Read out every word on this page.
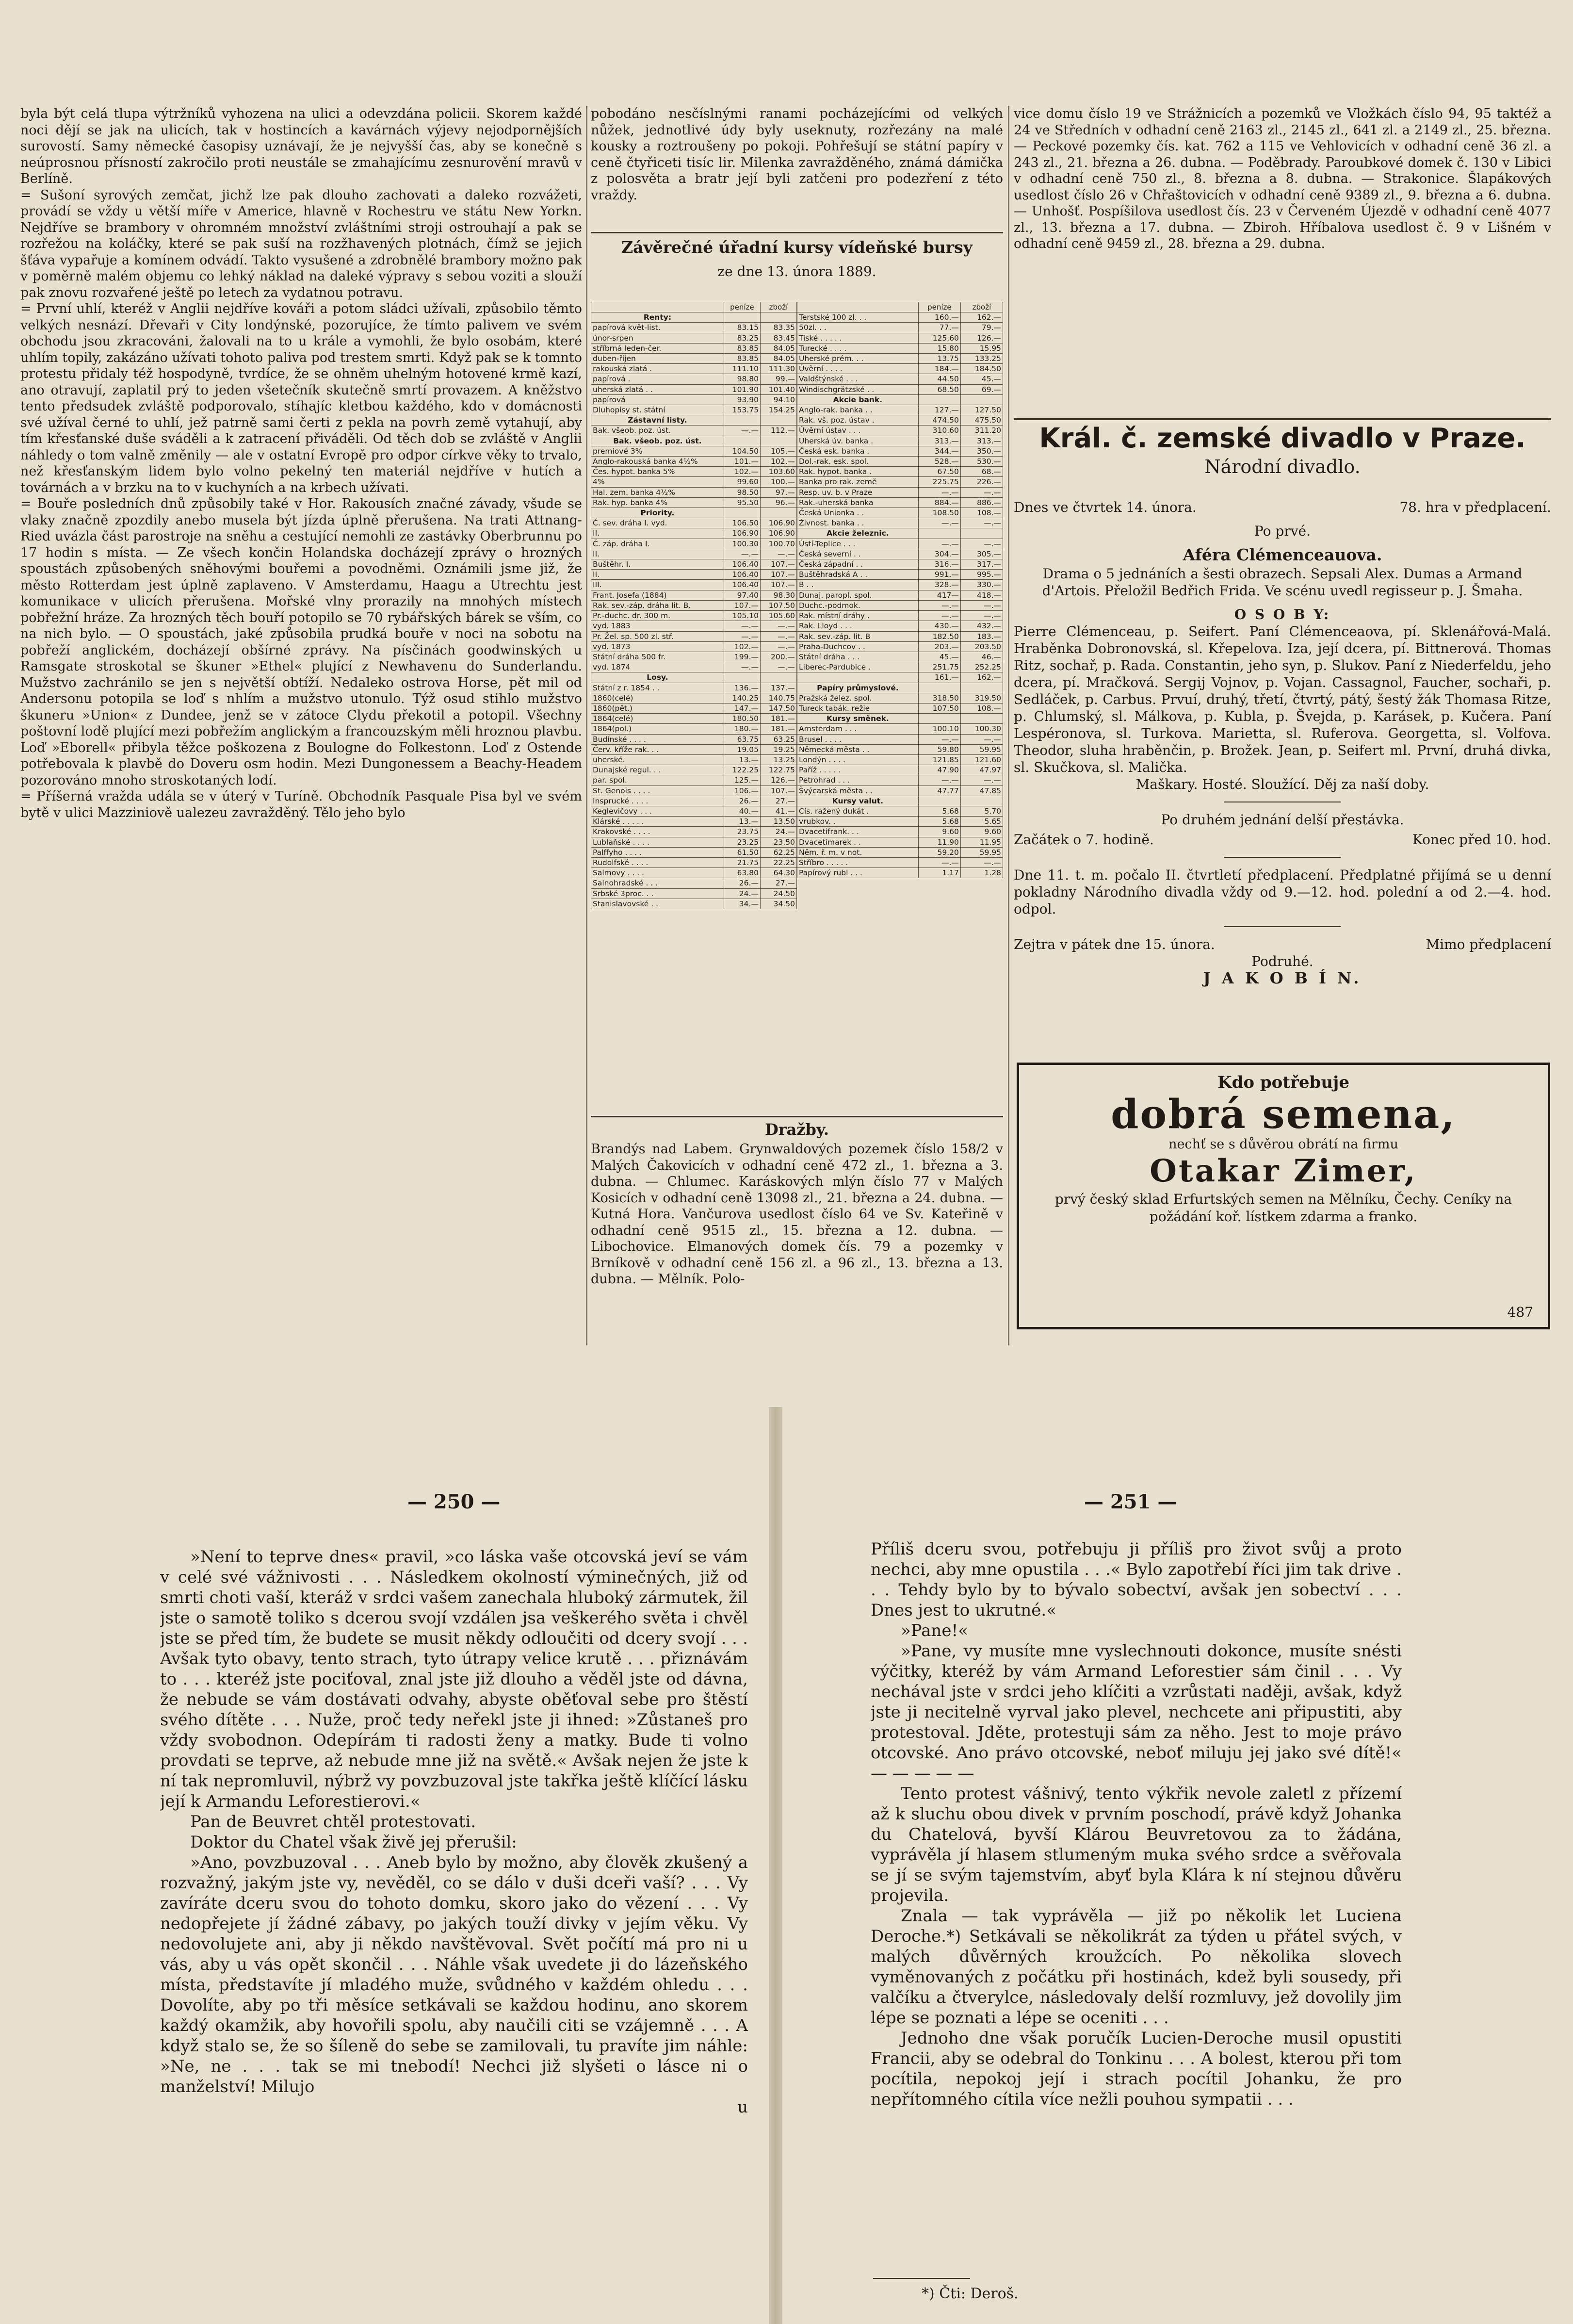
byla být celá tlupa výtržníků vyhozena na ulici a odevzdána policii. Skorem každé noci dějí se jak na ulicích, tak v hostincích a kavárnách výjevy nejodpornějších surovostí. Samy německé časopisy uznávají, že je nejvyšší čas, aby se konečně s neúprosnou přísností zakročilo proti neustále se zmahajícímu zesnurovění mravů v Berlíně.

= Sušoní syrových zemčat, jichž lze pak dlouho zachovati a daleko rozvážeti, provádí se vždy u větší míře v Americe, hlavně v Rochestru ve státu New Yorkn. Nejdříve se brambory v ohromném množství zvláštními stroji ostrouhají a pak se rozřežou na koláčky, které se pak suší na rozžhavených plotnách, čímž se jejich šťáva vypařuje a komínem odvádí. Takto vysušené a zdrobnělé brambory možno pak v poměrně malém objemu co lehký náklad na daleké výpravy s sebou voziti a slouží pak znovu rozvařené ještě po letech za vydatnou potravu.

= První uhlí, kteréž v Anglii nejdříve kováři a potom sládci užívali, způsobilo těmto velkých nesnází. Dřevaři v City londýnské, pozorujíce, že tímto palivem ve svém obchodu jsou zkracováni, žalovali na to u krále a vymohli, že bylo osobám, které uhlím topily, zakázáno užívati tohoto paliva pod trestem smrti. Když pak se k tomnto protestu přidaly též hospodyně, tvrdíce, že se ohněm uhelným hotovené krmě kazí, ano otravují, zaplatil prý to jeden všetečník skutečně smrtí provazem. A kněžstvo tento předsudek zvláště podporovalo, stíhajíc kletbou každého, kdo v domácnosti své užíval černé to uhlí, jež patrně sami čerti z pekla na povrh země vytahují, aby tím křesťanské duše sváděli a k zatracení přiváděli. Od těch dob se zvláště v Anglii náhledy o tom valně změnily — ale v ostatní Evropě pro odpor církve věky to trvalo, než křesťanským lidem bylo volno pekelný ten materiál nejdříve v hutích a továrnách a v brzku na to v kuchyních a na krbech užívati.

= Bouře posledních dnů způsobily také v Hor. Rakousích značné závady, všude se vlaky značně zpozdily anebo musela být jízda úplně přerušena. Na trati Attnang-Ried uvázla část parostroje na sněhu a cestující nemohli ze zastávky Oberbrunnu po 17 hodin s místa. — Ze všech končin Holandska docházejí zprávy o hrozných spoustách způsobených sněhovými bouřemi a povodněmi. Oznámili jsme již, že město Rotterdam jest úplně zaplaveno. V Amsterdamu, Haagu a Utrechtu jest komunikace v ulicích přerušena. Mořské vlny prorazily na mnohých místech pobřežní hráze. Za hrozných těch bouří potopilo se 70 rybářských bárek se vším, co na nich bylo. — O spoustách, jaké způsobila prudká bouře v noci na sobotu na pobřeží anglickém, docházejí obšírné zprávy. Na písčinách goodwinských u Ramsgate stroskotal se škuner »Ethel« plující z Newhavenu do Sunderlandu. Mužstvo zachránilo se jen s největší obtíží. Nedaleko ostrova Horse, pět mil od Andersonu potopila se loď s nhlím a mužstvo utonulo. Týž osud stihlo mužstvo škuneru »Union« z Dundee, jenž se v zátoce Clydu překotil a potopil. Všechny poštovní lodě plující mezi pobřežím anglickým a francouzským měli hroznou plavbu. Loď »Eborell« přibyla těžce poškozena z Boulogne do Folkestonn. Loď z Ostende potřebovala k plavbě do Doveru osm hodin. Mezi Dungonessem a Beachy-Headem pozorováno mnoho stroskotaných lodí.

= Příšerná vražda udála se v úterý v Turíně. Obchodník Pasquale Pisa byl ve svém bytě v ulici Mazziniově ualezeu zavražděný. Tělo jeho bylo

pobodáno nesčíslnými ranami pocházejícími od velkých nůžek, jednotlivé údy byly useknuty, rozřezány na malé kousky a roztroušeny po pokoji. Pohřešují se státní papíry v ceně čtyřiceti tisíc lir. Milenka zavražděného, známá dámička z polosvěta a bratr její byli zatčeni pro podezření z této vraždy.

Závěrečné úřadní kursy vídeňské bursy
ze dne 13. února 1889.
	peníze	zboží
Renty:		
papírová květ-list.	83.15	83.35
únor-srpen	83.25	83.45
stříbrná leden-čer.	83.85	84.05
duben-říjen	83.85	84.05
rakouská zlatá .	111.10	111.30
papírová .	98.80	99.—
uherská zlatá . .	101.90	101.40
papírová	93.90	94.10
Dluhopisy st. státní	153.75	154.25
Zástavní listy.		
Bak. všeob. poz. úst.	—.—	112.—
Bak. všeob. poz. úst.		
premiové 3%	104.50	105.—
Anglo-rakouská banka 4½%	101.—	102.—
Čes. hypot. banka 5%	102.—	103.60
4%	99.60	100.—
Hal. zem. banka 4½%	98.50	97.—
Rak. hyp. banka 4%	95.50	96.—
Priority.		
Č. sev. dráha I. vyd.	106.50	106.90
II.	106.90	106.90
Č. záp. dráha I.	100.30	100.70
II.	—.—	—.—
Buštěhr. I.	106.40	107.—
II.	106.40	107.—
III.	106.40	107.—
Frant. Josefa (1884)	97.40	98.30
Rak. sev.-záp. dráha lit. B.	107.—	107.50
Pr.-duchc. dr. 300 m.	105.10	105.60
vyd. 1883	—.—	—.—
Pr. Žel. sp. 500 zl. stř.	—.—	—.—
vyd. 1873	102.—	—.—
Státní dráha 500 fr.	199.—	200.—
vyd. 1874	—.—	—.—
Losy.		
Státní z r. 1854 . .	136.—	137.—
1860(celé)	140.25	140.75
1860(pět.)	147.—	147.50
1864(celé)	180.50	181.—
1864(pol.)	180.—	181.—
Budínské . . . .	63.75	63.25
Červ. kříže rak. . .	19.05	19.25
uherské.	13.—	13.25
Dunajské regul. . .	122.25	122.75
par. spol.	125.—	126.—
St. Genois . . . .	106.—	107.—
Insprucké . . . .	26.—	27.—
Keglevičovy . . .	40.—	41.—
Klárské . . . . .	13.—	13.50
Krakovské . . . .	23.75	24.—
Lublaňské . . . .	23.25	23.50
Palffyho . . . .	61.50	62.25
Rudolfské . . . .	21.75	22.25
Salmovy . . . .	63.80	64.30
Salnohradské . . .	26.—	27.—
Srbské 3proc. . .	24.—	24.50
Stanislavovské . .	34.—	34.50
	peníze	zboží
Terstské 100 zl. . .	160.—	162.—
50zl. . .	77.—	79.—
Tiské . . . . .	125.60	126.—
Turecké . . . .	15.80	15.95
Uherské prém. . .	13.75	133.25
Úvěrní . . . .	184.—	184.50
Valdštýnské . . .	44.50	45.—
Windischgrätzské . .	68.50	69.—
Akcie bank.		
Anglo-rak. banka . .	127.—	127.50
Rak. vš. poz. ústav .	474.50	475.50
Úvěrní ústav . . .	310.60	311.20
Uherská úv. banka .	313.—	313.—
Česká esk. banka .	344.—	350.—
Dol.-rak. esk. spol.	528.—	530.—
Rak. hypot. banka .	67.50	68.—
Banka pro rak. země	225.75	226.—
Resp. uv. b. v Praze	—.—	—.—
Rak.-uherská banka	884.—	886.—
Česká Unionka . .	108.50	108.—
Živnost. banka . .	—.—	—.—
Akcie železnic.		
Ústí-Teplice . . .	—.—	—.—
Česká severní . .	304.—	305.—
Česká západní . .	316.—	317.—
Buštěhradská A . .	991.—	995.—
B . .	328.—	330.—
Dunaj. paropl. spol.	417—	418.—
Duchc.-podmok.	—.—	—.—
Rak. místní dráhy .	—.—	—.—
Rak. Lloyd . . .	430.—	432.—
Rak. sev.-záp. lit. B	182.50	183.—
Praha-Duchcov . .	203.—	203.50
Státní dráha . . .	45.—	46.—
Liberec-Pardubice .	251.75	252.25
	161.—	162.—
Papíry průmyslové.		
Pražská želez. spol.	318.50	319.50
Tureck tabák. režie	107.50	108.—
Kursy směnek.		
Amsterdam . . .	100.10	100.30
Brusel . . . .	—.—	—.—
Německá města . .	59.80	59.95
Londýn . . . .	121.85	121.60
Paříž . . . . .	47.90	47.97
Petrohrad . . .	—.—	—.—
Švýcarská města . .	47.77	47.85
Kursy valut.		
Cís. ražený dukát .	5.68	5.70
vrubkov. .	5.68	5.65
Dvacetifrank. . .	9.60	9.60
Dvacetimarek . .	11.90	11.95
Něm. ř. m. v not.	59.20	59.95
Stříbro . . . . .	—.—	—.—
Papírový rubl . . .	1.17	1.28
Dražby.

Brandýs nad Labem. Grynwaldových pozemek číslo 158/2 v Malých Čakovicích v odhadní ceně 472 zl., 1. března a 3. dubna. — Chlumec. Karáskových mlýn číslo 77 v Malých Kosicích v odhadní ceně 13098 zl., 21. března a 24. dubna. — Kutná Hora. Vančurova usedlost číslo 64 ve Sv. Kateřině v odhadní ceně 9515 zl., 15. března a 12. dubna. — Libochovice. Elmanových domek čís. 79 a pozemky v Brníkově v odhadní ceně 156 zl. a 96 zl., 13. března a 13. dubna. — Mělník. Polo-

vice domu číslo 19 ve Strážnicích a pozemků ve Vložkách číslo 94, 95 taktéž a 24 ve Středních v odhadní ceně 2163 zl., 2145 zl., 641 zl. a 2149 zl., 25. března. — Peckové pozemky čís. kat. 762 a 115 ve Vehlovicích v odhadní ceně 36 zl. a 243 zl., 21. března a 26. dubna. — Poděbrady. Paroubkové domek č. 130 v Libici v odhadní ceně 750 zl., 8. března a 8. dubna. — Strakonice. Šlapákových usedlost číslo 26 v Chřaštovicích v odhadní ceně 9389 zl., 9. března a 6. dubna. — Unhošť. Pospíšilova usedlost čís. 23 v Červeném Újezdě v odhadní ceně 4077 zl., 13. března a 17. dubna. — Zbiroh. Hříbalova usedlost č. 9 v Lišném v odhadní ceně 9459 zl., 28. března a 29. dubna.

Král. č. zemské divadlo v Praze.
Národní divadlo.
Dnes ve čtvrtek 14. února.	78. hra v předplacení.
Po prvé.
Aféra Clémenceauova.
Drama o 5 jednáních a šesti obrazech. Sepsali Alex. Dumas a Armand d'Artois. Přeložil Bedřich Frida. Ve scénu uvedl regisseur p. J. Šmaha.
O S O B Y:
Pierre Clémenceau, p. Seifert. Paní Clémenceaova, pí. Sklenářová-Malá. Hraběnka Dobronovská, sl. Křepelova. Iza, její dcera, pí. Bittnerová. Thomas Ritz, sochař, p. Rada. Constantin, jeho syn, p. Slukov. Paní z Niederfeldu, jeho dcera, pí. Mračková. Sergij Vojnov, p. Vojan. Cassagnol, Faucher, sochaři, p. Sedláček, p. Carbus. Prvuí, druhý, třetí, čtvrtý, pátý, šestý žák Thomasa Ritze, p. Chlumský, sl. Málkova, p. Kubla, p. Švejda, p. Karásek, p. Kučera. Paní Lespéronova, sl. Turkova. Marietta, sl. Ruferova. Georgetta, sl. Volfova. Theodor, sluha hraběnčin, p. Brožek. Jean, p. Seifert ml. První, druhá divka, sl. Skučkova, sl. Malička.
Maškary. Hosté. Sloužící. Děj za naší doby.
Po druhém jednání delší přestávka.
Začátek o 7. hodině.	Konec před 10. hod.
Dne 11. t. m. počalo II. čtvrtletí předplacení. Předplatné přijímá se u denní pokladny Národního divadla vždy od 9.—12. hod. polední a od 2.—4. hod. odpol.
Zejtra v pátek dne 15. února.	Mimo předplacení
Podruhé.
J A K O B Í N.
Kdo potřebuje
dobrá semena,
nechť se s důvěrou obrátí na firmu
Otakar Zimer,
prvý český sklad Erfurtských semen na Mělníku, Čechy. Ceníky na požádání koř. lístkem zdarma a franko.
487
— 250 —	— 251 —

»Není to teprve dnes« pravil, »co láska vaše otcovská jeví se vám v celé své vážnivosti . . . Následkem okolností výminečných, již od smrti choti vaší, kteráž v srdci vašem zanechala hluboký zármutek, žil jste o samotě toliko s dcerou svojí vzdálen jsa veškerého světa i chvěl jste se před tím, že budete se musit někdy odloučiti od dcery svojí . . . Avšak tyto obavy, tento strach, tyto útrapy velice krutě . . . přiznávám to . . . kteréž jste pociťoval, znal jste již dlouho a věděl jste od dávna, že nebude se vám dostávati odvahy, abyste oběťoval sebe pro štěstí svého dítěte . . . Nuže, proč tedy neřekl jste ji ihned: »Zůstaneš pro vždy svobodnon. Odepírám ti radosti ženy a matky. Bude ti volno provdati se teprve, až nebude mne již na světě.« Avšak nejen že jste k ní tak nepromluvil, nýbrž vy povzbuzoval jste takřka ještě klíčící lásku její k Armandu Leforestierovi.«

Pan de Beuvret chtěl protestovati.

Doktor du Chatel však živě jej přerušil:

»Ano, povzbuzoval . . . Aneb bylo by možno, aby člověk zkušený a rozvažný, jakým jste vy, nevěděl, co se dálo v duši dceři vaší? . . . Vy zavíráte dceru svou do tohoto domku, skoro jako do vězení . . . Vy nedopřejete jí žádné zábavy, po jakých touží divky v jejím věku. Vy nedovolujete ani, aby ji někdo navštěvoval. Svět počítí má pro ni u vás, aby u vás opět skončil . . . Náhle však uvedete ji do lázeňského místa, představíte jí mladého muže, svůdného v každém ohledu . . . Dovolíte, aby po tři měsíce setkávali se každou hodinu, ano skorem každý okamžik, aby hovořili spolu, aby naučili citi se vzájemně . . . A když stalo se, že so šíleně do sebe se zamilovali, tu pravíte jim náhle: »Ne, ne . . . tak se mi tnebodí! Nechci již slyšeti o lásce ni o manželství! Milujo

u

Příliš dceru svou, potřebuju ji příliš pro život svůj a proto nechci, aby mne opustila . . .« Bylo zapotřebí říci jim tak drive . . . Tehdy bylo by to bývalo sobectví, avšak jen sobectví . . . Dnes jest to ukrutné.«

»Pane!«

»Pane, vy musíte mne vyslechnouti dokonce, musíte snésti výčitky, kteréž by vám Armand Leforestier sám činil . . . Vy nechával jste v srdci jeho klíčiti a vzrůstati naději, avšak, když jste ji necitelně vyrval jako plevel, nechcete ani připustiti, aby protestoval. Jděte, protestuji sám za něho. Jest to moje právo otcovské. Ano právo otcovské, neboť miluju jej jako své dítě!« — — — — —

Tento protest vášnivý, tento výkřik nevole zaletl z přízemí až k sluchu obou divek v prvním poschodí, právě když Johanka du Chatelová, byvší Klárou Beuvretovou za to žádána, vyprávěla jí hlasem stlumeným muka svého srdce a svěřovala se jí se svým tajemstvím, abyť byla Klára k ní stejnou důvěru projevila.

Znala — tak vyprávěla — již po několik let Luciena Deroche.*) Setkávali se několikrát za týden u přátel svých, v malých důvěrných kroužcích. Po několika slovech vyměnovaných z počátku při hostinách, kdež byli sousedy, při valčíku a čtverylce, následovaly delší rozmluvy, jež dovolily jim lépe se poznati a lépe se oceniti . . .

Jednoho dne však poručík Lucien-Deroche musil opustiti Francii, aby se odebral do Tonkinu . . . A bolest, kterou při tom pocítila, nepokoj její i strach pocítil Johanku, že pro nepřítomného cítila více nežli pouhou sympatii . . .

*) Čti: Deroš.
